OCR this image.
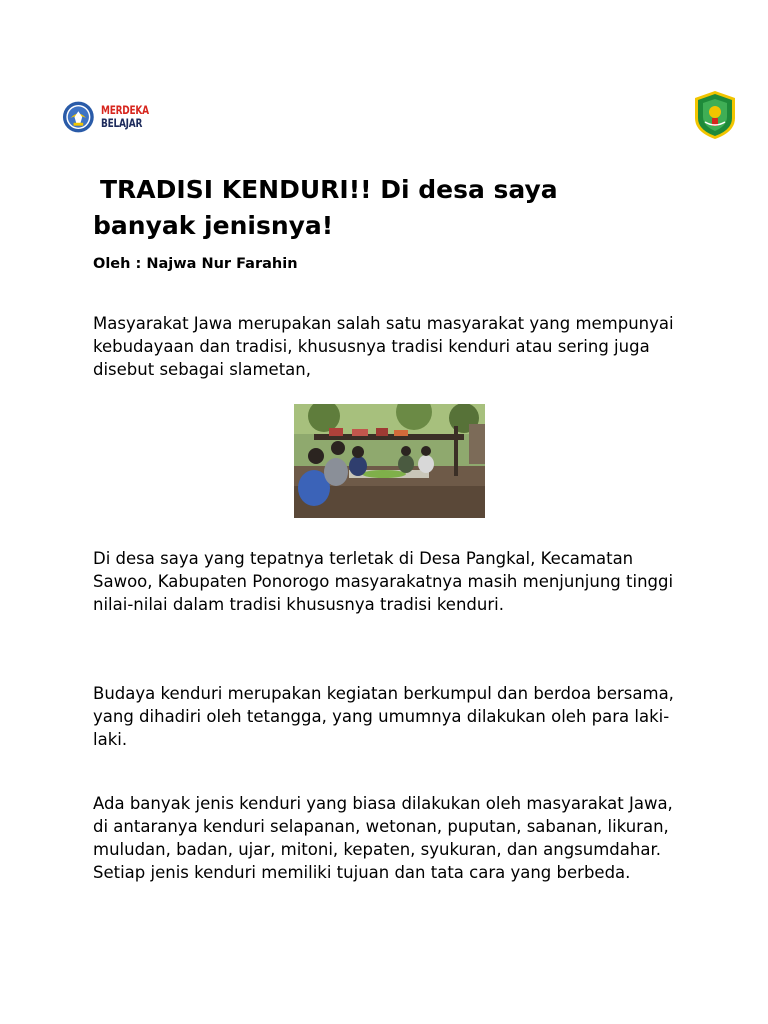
MERDEKA
BELAJAR
TRADISI KENDURI!! Di desa saya
banyak jenisnya!

Oleh : Najwa Nur Farahin

Masyarakat Jawa merupakan salah satu masyarakat yang mempunyai kebudayaan dan tradisi, khususnya tradisi kenduri atau sering juga disebut sebagai slametan,

Di desa saya yang tepatnya terletak di Desa Pangkal, Kecamatan Sawoo, Kabupaten Ponorogo masyarakatnya masih menjunjung tinggi nilai-nilai dalam tradisi khususnya tradisi kenduri.

Budaya kenduri merupakan kegiatan berkumpul dan berdoa bersama, yang dihadiri oleh tetangga, yang umumnya dilakukan oleh para laki-laki.

Ada banyak jenis kenduri yang biasa dilakukan oleh masyarakat Jawa, di antaranya kenduri selapanan, wetonan, puputan, sabanan, likuran, muludan, badan, ujar, mitoni, kepaten, syukuran, dan angsumdahar. Setiap jenis kenduri memiliki tujuan dan tata cara yang berbeda.
